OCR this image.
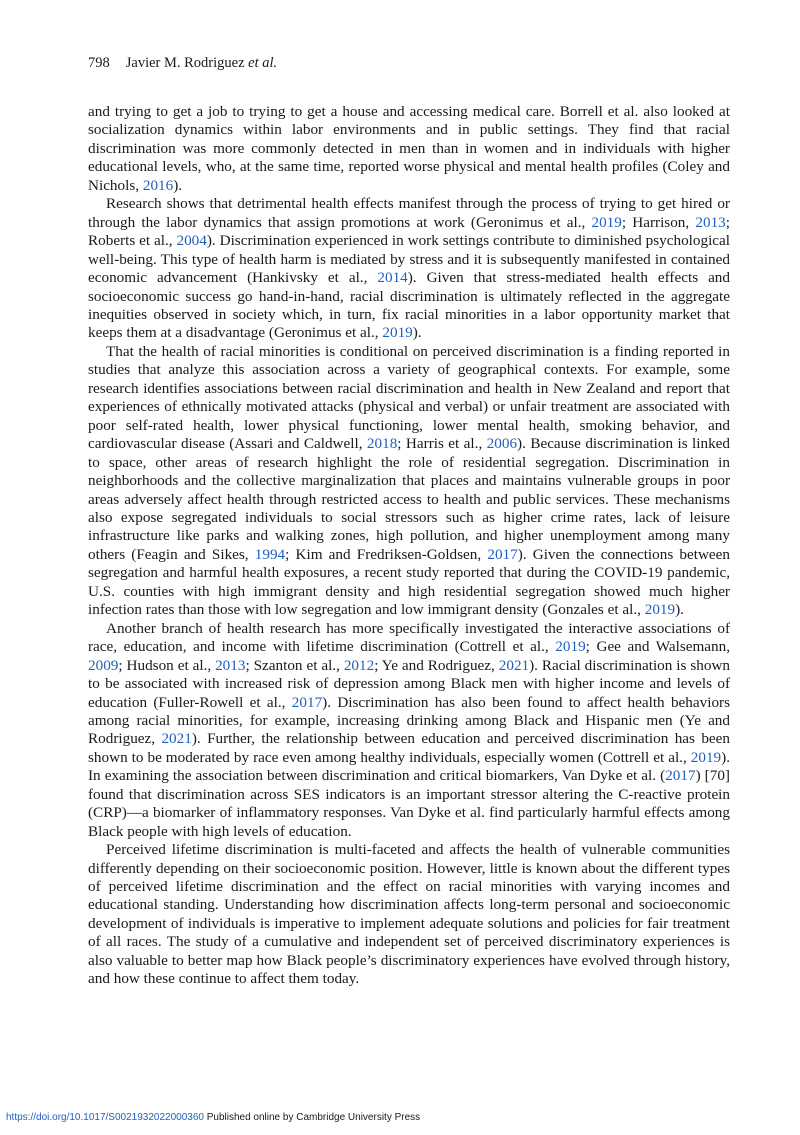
798 Javier M. Rodriguez et al.

and trying to get a job to trying to get a house and accessing medical care. Borrell et al. also looked at socialization dynamics within labor environments and in public settings. They find that racial discrimination was more commonly detected in men than in women and in individuals with higher educational levels, who, at the same time, reported worse physical and mental health profiles (Coley and Nichols, 2016).

Research shows that detrimental health effects manifest through the process of trying to get hired or through the labor dynamics that assign promotions at work (Geronimus et al., 2019; Harrison, 2013; Roberts et al., 2004). Discrimination experienced in work settings contribute to diminished psychological well-being. This type of health harm is mediated by stress and it is subsequently manifested in contained economic advancement (Hankivsky et al., 2014). Given that stress-mediated health effects and socioeconomic success go hand-in-hand, racial discrimination is ultimately reflected in the aggregate inequities observed in society which, in turn, fix racial minorities in a labor opportunity market that keeps them at a disadvantage (Geronimus et al., 2019).

That the health of racial minorities is conditional on perceived discrimination is a finding reported in studies that analyze this association across a variety of geographical contexts. For example, some research identifies associations between racial discrimination and health in New Zealand and report that experiences of ethnically motivated attacks (physical and verbal) or unfair treatment are associated with poor self-rated health, lower physical functioning, lower mental health, smoking behavior, and cardiovascular disease (Assari and Caldwell, 2018; Harris et al., 2006). Because discrimination is linked to space, other areas of research highlight the role of residential segregation. Discrimination in neighborhoods and the collective marginalization that places and maintains vulnerable groups in poor areas adversely affect health through restricted access to health and public services. These mechanisms also expose segregated individuals to social stressors such as higher crime rates, lack of leisure infrastructure like parks and walking zones, high pollution, and higher unemployment among many others (Feagin and Sikes, 1994; Kim and Fredriksen-Goldsen, 2017). Given the connections between segregation and harmful health exposures, a recent study reported that during the COVID-19 pandemic, U.S. counties with high immigrant density and high residential segregation showed much higher infection rates than those with low segregation and low immigrant density (Gonzales et al., 2019).

Another branch of health research has more specifically investigated the interactive associations of race, education, and income with lifetime discrimination (Cottrell et al., 2019; Gee and Walsemann, 2009; Hudson et al., 2013; Szanton et al., 2012; Ye and Rodriguez, 2021). Racial discrimination is shown to be associated with increased risk of depression among Black men with higher income and levels of education (Fuller-Rowell et al., 2017). Discrimination has also been found to affect health behaviors among racial minorities, for example, increasing drinking among Black and Hispanic men (Ye and Rodriguez, 2021). Further, the relationship between education and perceived discrimination has been shown to be moderated by race even among healthy individuals, especially women (Cottrell et al., 2019). In examining the association between discrimination and critical biomarkers, Van Dyke et al. (2017) [70] found that discrimination across SES indicators is an important stressor altering the C-reactive protein (CRP)—a biomarker of inflammatory responses. Van Dyke et al. find particularly harmful effects among Black people with high levels of education.

Perceived lifetime discrimination is multi-faceted and affects the health of vulnerable communities differently depending on their socioeconomic position. However, little is known about the different types of perceived lifetime discrimination and the effect on racial minorities with varying incomes and educational standing. Understanding how discrimination affects long-term personal and socioeconomic development of individuals is imperative to implement adequate solutions and policies for fair treatment of all races. The study of a cumulative and independent set of perceived discriminatory experiences is also valuable to better map how Black people’s discriminatory experiences have evolved through history, and how these continue to affect them today.

https://doi.org/10.1017/S0021932022000360 Published online by Cambridge University Press
